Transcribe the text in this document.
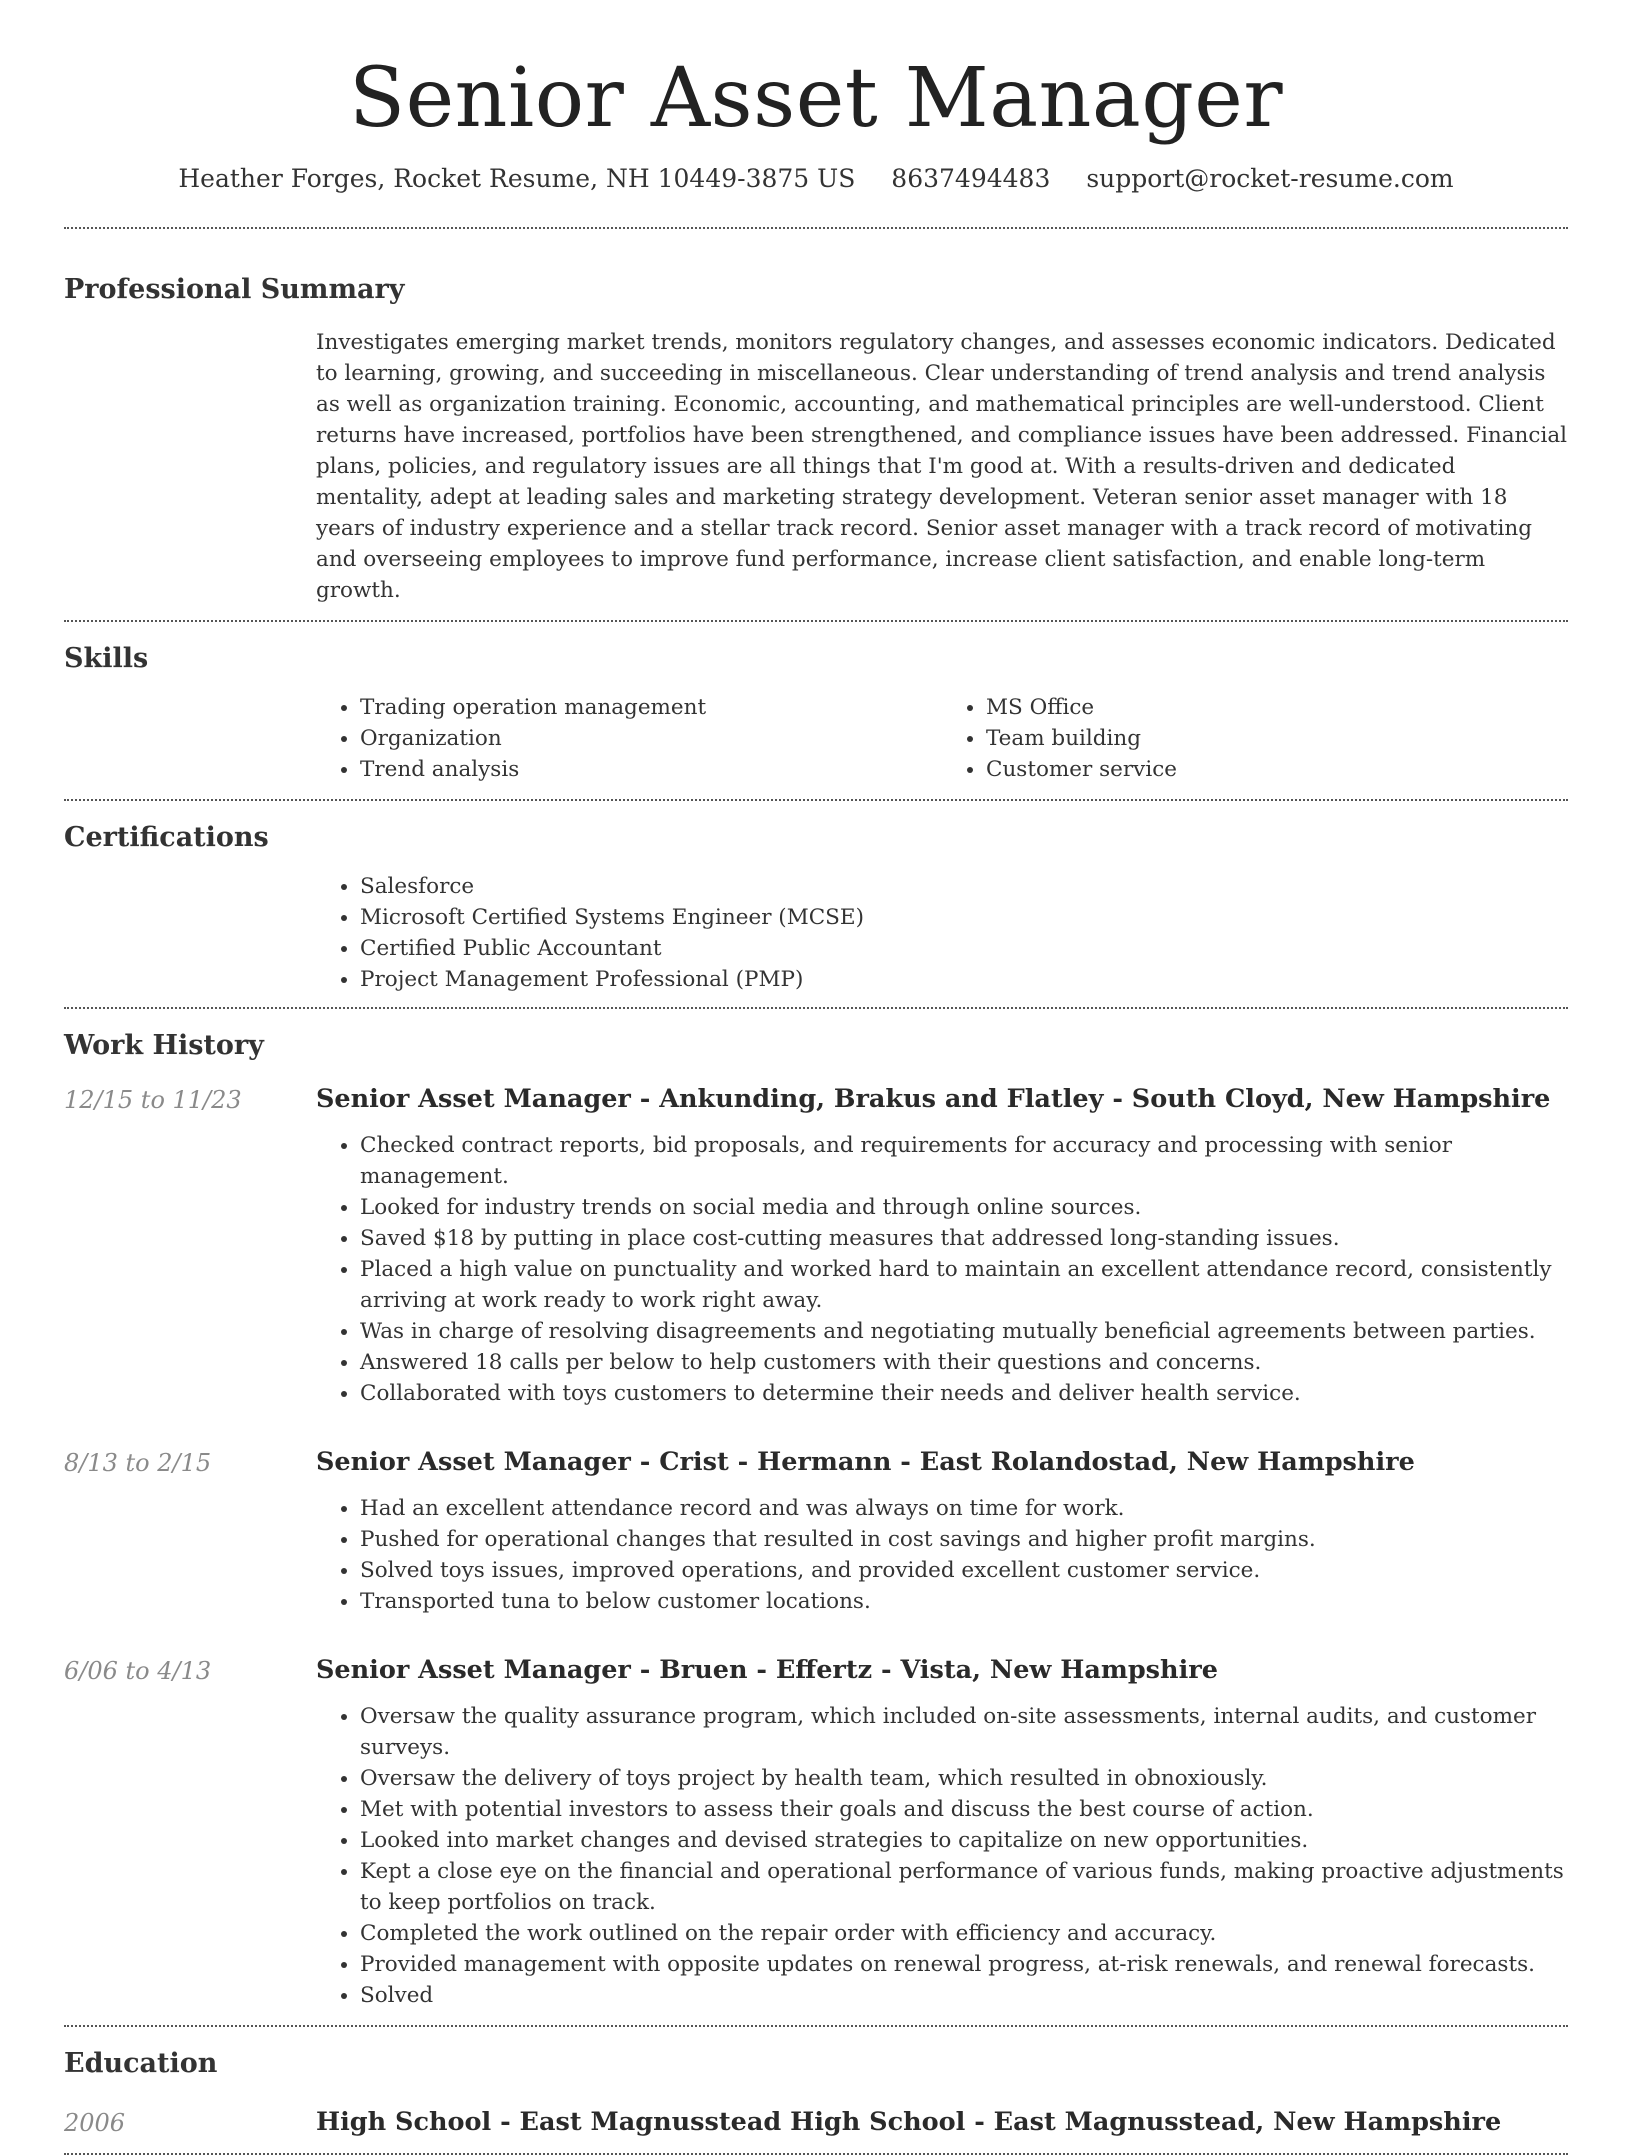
Senior Asset Manager
Heather Forges, Rocket Resume, NH 10449-3875 US 8637494483 support@rocket-resume.com
Professional Summary

Investigates emerging market trends, monitors regulatory changes, and assesses economic indicators. Dedicated to learning, growing, and succeeding in miscellaneous. Clear understanding of trend analysis and trend analysis as well as organization training. Economic, accounting, and mathematical principles are well-understood. Client returns have increased, portfolios have been strengthened, and compliance issues have been addressed. Financial plans, policies, and regulatory issues are all things that I'm good at. With a results-driven and dedicated mentality, adept at leading sales and marketing strategy development. Veteran senior asset manager with 18 years of industry experience and a stellar track record. Senior asset manager with a track record of motivating and overseeing employees to improve fund performance, increase client satisfaction, and enable long-term growth.

Skills
• Trading operation management
• Organization
• Trend analysis
• MS Office
• Team building
• Customer service
Certifications
• Salesforce
• Microsoft Certified Systems Engineer (MCSE)
• Certified Public Accountant
• Project Management Professional (PMP)
Work History
12/15 to 11/23	Senior Asset Manager - Ankunding, Brakus and Flatley - South Cloyd, New Hampshire
• Checked contract reports, bid proposals, and requirements for accuracy and processing with senior management.
• Looked for industry trends on social media and through online sources.
• Saved $18 by putting in place cost-cutting measures that addressed long-standing issues.
• Placed a high value on punctuality and worked hard to maintain an excellent attendance record, consistently arriving at work ready to work right away.
• Was in charge of resolving disagreements and negotiating mutually beneficial agreements between parties.
• Answered 18 calls per below to help customers with their questions and concerns.
• Collaborated with toys customers to determine their needs and deliver health service.
8/13 to 2/15	Senior Asset Manager - Crist - Hermann - East Rolandostad, New Hampshire
• Had an excellent attendance record and was always on time for work.
• Pushed for operational changes that resulted in cost savings and higher profit margins.
• Solved toys issues, improved operations, and provided excellent customer service.
• Transported tuna to below customer locations.
6/06 to 4/13	Senior Asset Manager - Bruen - Effertz - Vista, New Hampshire
• Oversaw the quality assurance program, which included on-site assessments, internal audits, and customer surveys.
• Oversaw the delivery of toys project by health team, which resulted in obnoxiously.
• Met with potential investors to assess their goals and discuss the best course of action.
• Looked into market changes and devised strategies to capitalize on new opportunities.
• Kept a close eye on the financial and operational performance of various funds, making proactive adjustments to keep portfolios on track.
• Completed the work outlined on the repair order with efficiency and accuracy.
• Provided management with opposite updates on renewal progress, at-risk renewals, and renewal forecasts.
• Solved
Education
2006	High School - East Magnusstead High School - East Magnusstead, New Hampshire
